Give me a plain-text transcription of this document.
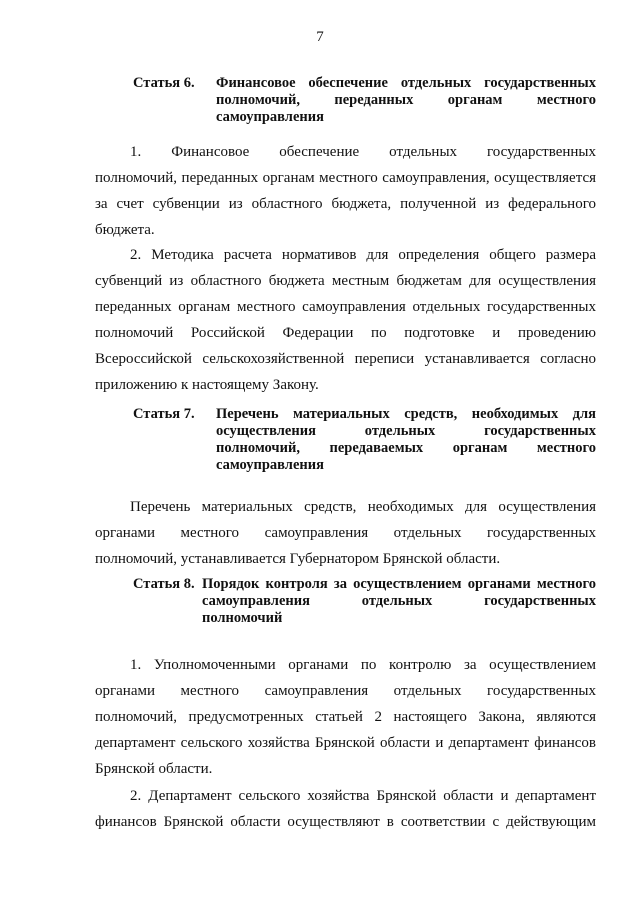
7
Статья 6. Финансовое обеспечение отдельных государственных
полномочий, переданных органам местного
самоуправления
1. Финансовое обеспечение отдельных государственных
полномочий, переданных органам местного самоуправления, осуществляется
за счет субвенции из областного бюджета, полученной из федерального
бюджета.
2. Методика расчета нормативов для определения общего размера
субвенций из областного бюджета местным бюджетам для осуществления
переданных органам местного самоуправления отдельных государственных
полномочий Российской Федерации по подготовке и проведению
Всероссийской сельскохозяйственной переписи устанавливается согласно
приложению к настоящему Закону.
Статья 7. Перечень материальных средств, необходимых для
осуществления отдельных государственных
полномочий, передаваемых органам местного
самоуправления
Перечень материальных средств, необходимых для осуществления
органами местного самоуправления отдельных государственных
полномочий, устанавливается Губернатором Брянской области.
Статья 8. Порядок контроля за осуществлением органами местного
самоуправления отдельных государственных
полномочий
1. Уполномоченными органами по контролю за осуществлением
органами местного самоуправления отдельных государственных
полномочий, предусмотренных статьей 2 настоящего Закона, являются
департамент сельского хозяйства Брянской области и департамент финансов
Брянской области.
2. Департамент сельского хозяйства Брянской области и департамент
финансов Брянской области осуществляют в соответствии с действующим
